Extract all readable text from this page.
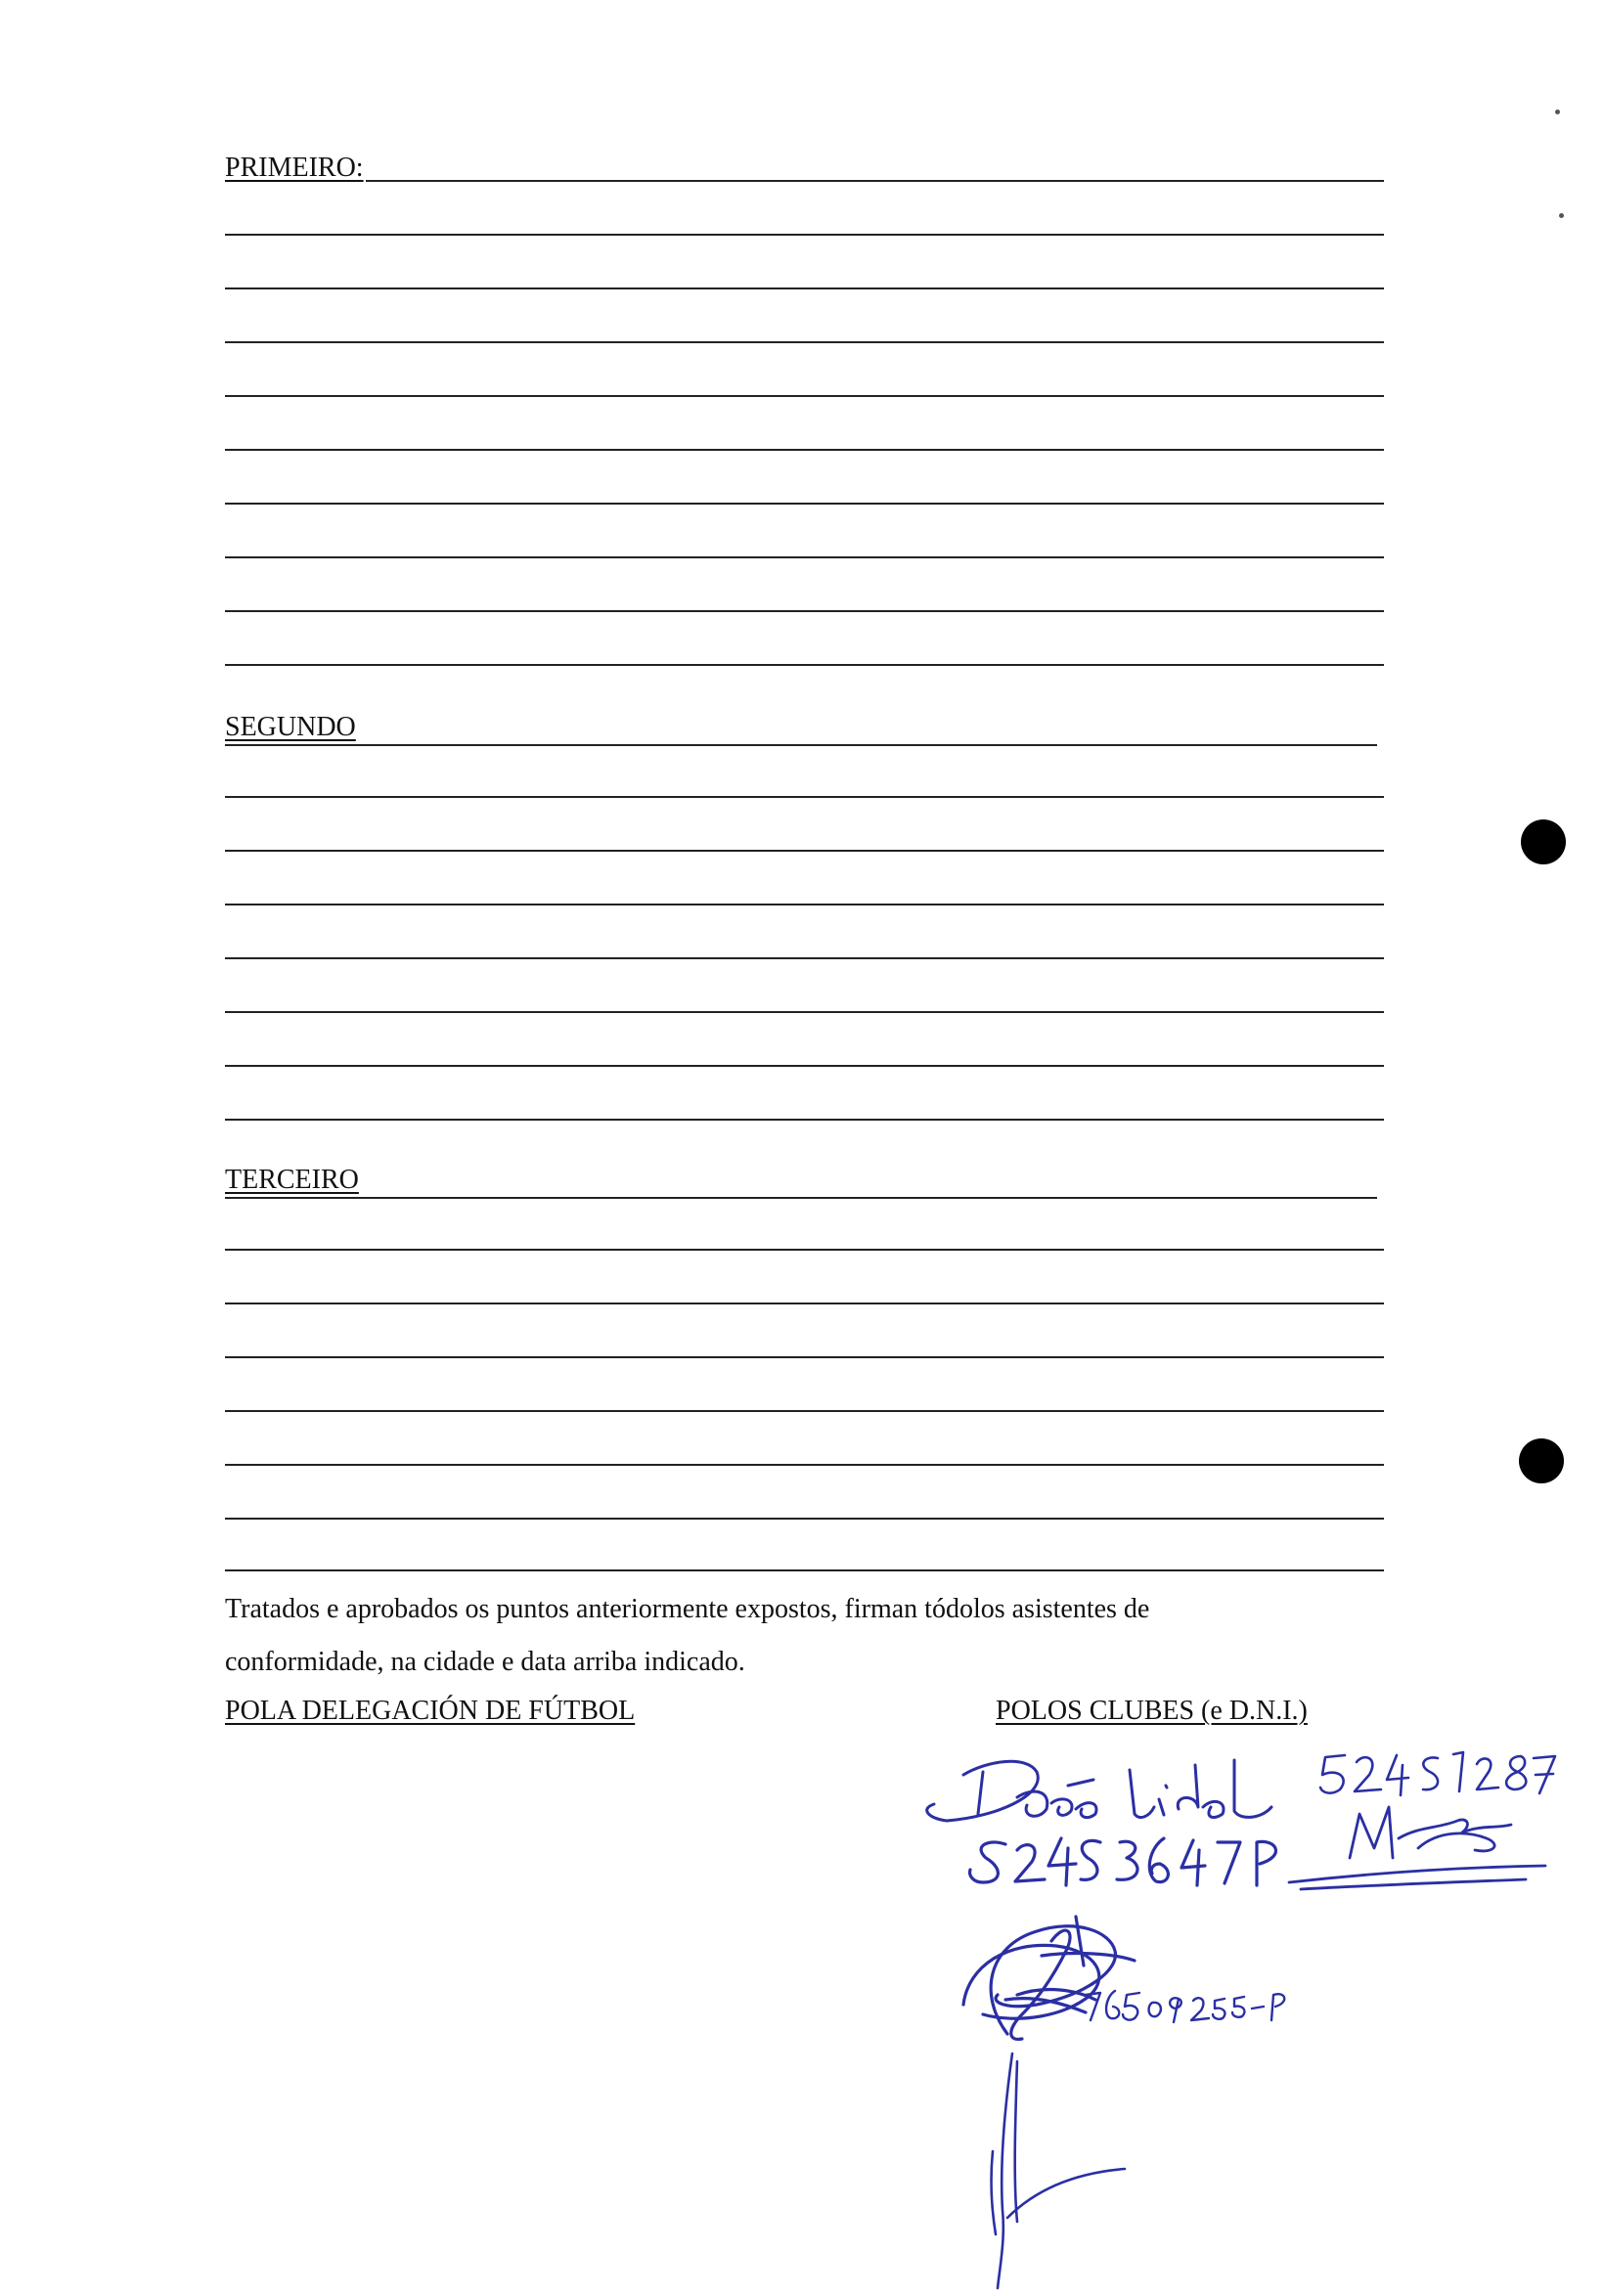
PRIMEIRO:
SEGUNDO
TERCEIRO
Tratados e aprobados os puntos anteriormente expostos, firman tódolos asistentes de
conformidade, na cidade e data arriba indicado.
POLA DELEGACIÓN DE FÚTBOL	POLOS CLUBES (e D.N.I.)
